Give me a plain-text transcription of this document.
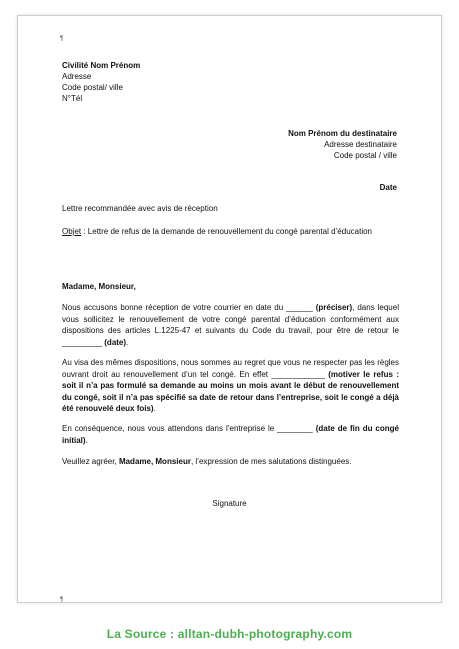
¶
Civilité Nom Prénom
Adresse
Code postal/ ville
N°Tél
Nom Prénom du destinataire
Adresse destinataire
Code postal / ville
Date
Lettre recommandée avec avis de réception
Objet : Lettre de refus de la demande de renouvellement du congé parental d’éducation
Madame, Monsieur,
Nous accusons bonne réception de votre courrier en date du ______ (préciser), dans lequel vous sollicitez le renouvellement de votre congé parental d’éducation conformément aux dispositions des articles L.1225-47 et suivants du Code du travail, pour être de retour le _________ (date).
Au visa des mêmes dispositions, nous sommes au regret que vous ne respecter pas les règles ouvrant droit au renouvellement d’un tel congé. En effet ____________ (motiver le refus : soit il n’a pas formulé sa demande au moins un mois avant le début de renouvellement du congé, soit il n’a pas spécifié sa date de retour dans l’entreprise, soit le congé a déjà été renouvelé deux fois).
En conséquence, nous vous attendons dans l’entreprise le ________ (date de fin du congé initial).
Veuillez agréer, Madame, Monsieur, l’expression de mes salutations distinguées.
Signature
¶
La Source : alltan-dubh-photography.com
